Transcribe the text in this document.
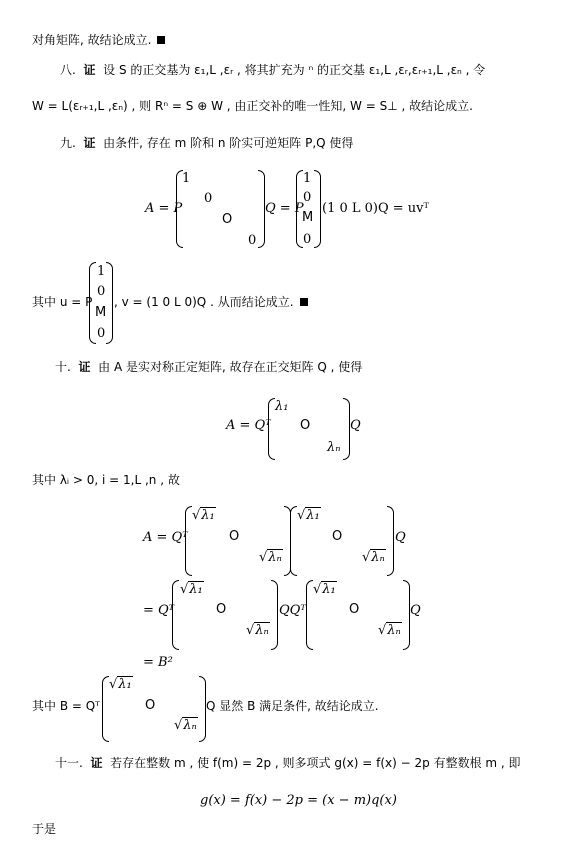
对角矩阵, 故结论成立.
八. 证 设 S 的正交基为 ε₁,L ,εᵣ , 将其扩充为 ⁿ 的正交基 ε₁,L ,εᵣ,εᵣ₊₁,L ,εₙ , 令
W = L(εᵣ₊₁,L ,εₙ) , 则 Rⁿ = S ⊕ W , 由正交补的唯一性知, W = S⊥ , 故结论成立.
九. 证 由条件, 存在 m 阶和 n 阶实可逆矩阵 P,Q 使得
A = P
1
0
O
0
Q = P
1
0
M
0
(1 0 L 0)Q = uvᵀ
其中 u = P
1
0
M
0
, v = (1 0 L 0)Q . 从而结论成立.
十. 证 由 A 是实对称正定矩阵, 故存在正交矩阵 Q , 使得
A = Qᵀ
λ₁
O
λₙ
Q
其中 λᵢ > 0, i = 1,L ,n , 故
A = Qᵀ
√λ₁
O
√λₙ
√λ₁
O
√λₙ
Q
= Qᵀ
√λ₁
O
√λₙ
QQᵀ
√λ₁
O
√λₙ
Q
= B²
其中 B = Qᵀ
√λ₁
O
√λₙ
Q 显然 B 满足条件, 故结论成立.
十一. 证 若存在整数 m , 使 f(m) = 2p , 则多项式 g(x) = f(x) − 2p 有整数根 m , 即
g(x) = f(x) − 2p = (x − m)q(x)
于是
